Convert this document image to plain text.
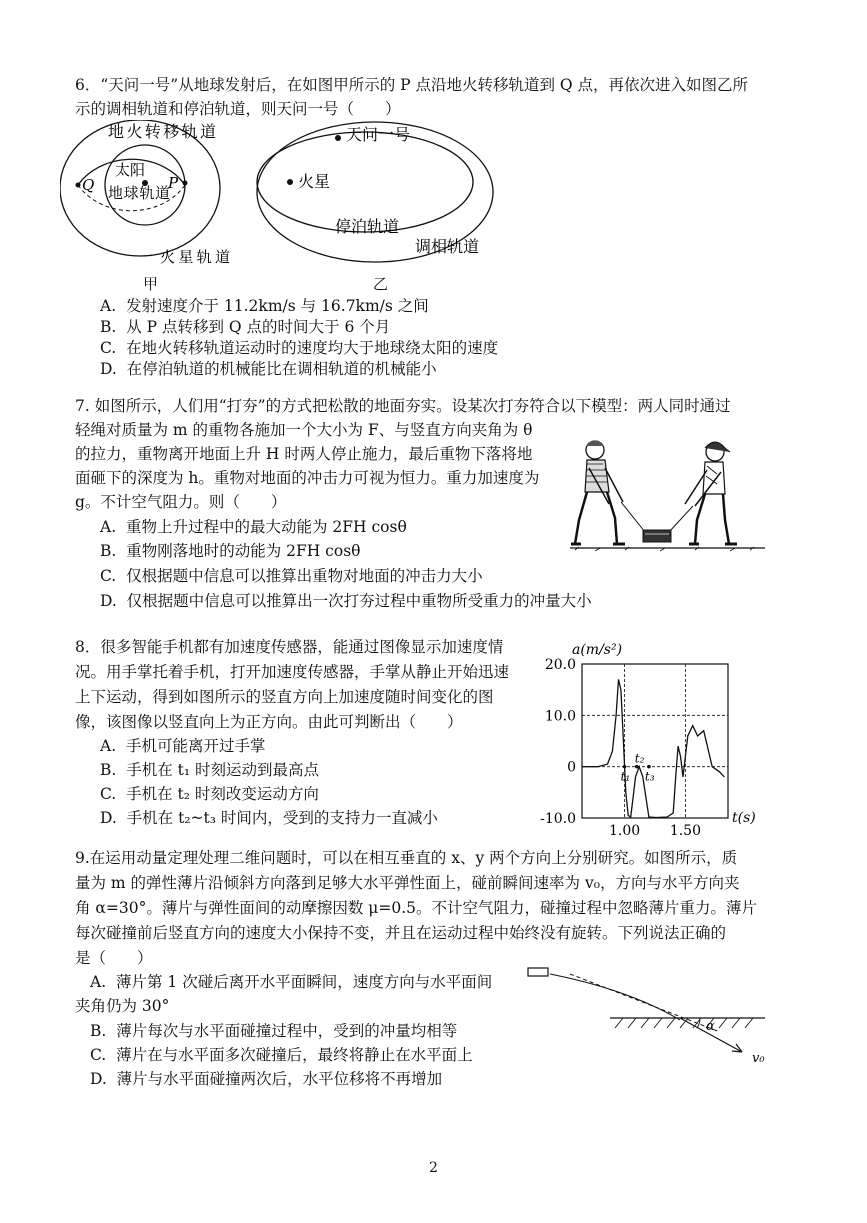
6．“天问一号”从地球发射后，在如图甲所示的 P 点沿地火转移轨道到 Q 点，再依次进入如图乙所
示的调相轨道和停泊轨道，则天问一号（　　）
地火转移轨道
太阳
Q	P
地球轨道
火星轨道
甲
天问一号
火星
停泊轨道
调相轨道
乙
A. 发射速度介于 11.2km/s 与 16.7km/s 之间
B. 从 P 点转移到 Q 点的时间大于 6 个月
C. 在地火转移轨道运动时的速度均大于地球绕太阳的速度
D. 在停泊轨道的机械能比在调相轨道的机械能小
7. 如图所示，人们用“打夯”的方式把松散的地面夯实。设某次打夯符合以下模型：两人同时通过
轻绳对质量为 m 的重物各施加一个大小为 F、与竖直方向夹角为 θ
的拉力，重物离开地面上升 H 时两人停止施力，最后重物下落将地
面砸下的深度为 h。重物对地面的冲击力可视为恒力。重力加速度为
g。不计空气阻力。则（　　）
A. 重物上升过程中的最大动能为 2FH cosθ
B. 重物刚落地时的动能为 2FH cosθ
C. 仅根据题中信息可以推算出重物对地面的冲击力大小
D. 仅根据题中信息可以推算出一次打夯过程中重物所受重力的冲量大小
8．很多智能手机都有加速度传感器，能通过图像显示加速度情
况。用手掌托着手机，打开加速度传感器，手掌从静止开始迅速
上下运动，得到如图所示的竖直方向上加速度随时间变化的图
像，该图像以竖直向上为正方向。由此可判断出（　　）
A. 手机可能离开过手掌
B. 手机在 t₁ 时刻运动到最高点
C. 手机在 t₂ 时刻改变运动方向
D. 手机在 t₂~t₃ 时间内，受到的支持力一直减小
20.0
10.0
0
-10.0
1.00 1.50
a(m/s²)
t(s)
t₁
t₂
t₃
9.在运用动量定理处理二维问题时，可以在相互垂直的 x、y 两个方向上分别研究。如图所示，质
量为 m 的弹性薄片沿倾斜方向落到足够大水平弹性面上，碰前瞬间速率为 v₀，方向与水平方向夹
角 α=30°。薄片与弹性面间的动摩擦因数 μ=0.5。不计空气阻力，碰撞过程中忽略薄片重力。薄片
每次碰撞前后竖直方向的速度大小保持不变，并且在运动过程中始终没有旋转。下列说法正确的
是（　　）
A. 薄片第 1 次碰后离开水平面瞬间，速度方向与水平面间
夹角仍为 30°
B. 薄片每次与水平面碰撞过程中，受到的冲量均相等
C. 薄片在与水平面多次碰撞后，最终将静止在水平面上
D. 薄片与水平面碰撞两次后，水平位移将不再增加
α
v₀
2
